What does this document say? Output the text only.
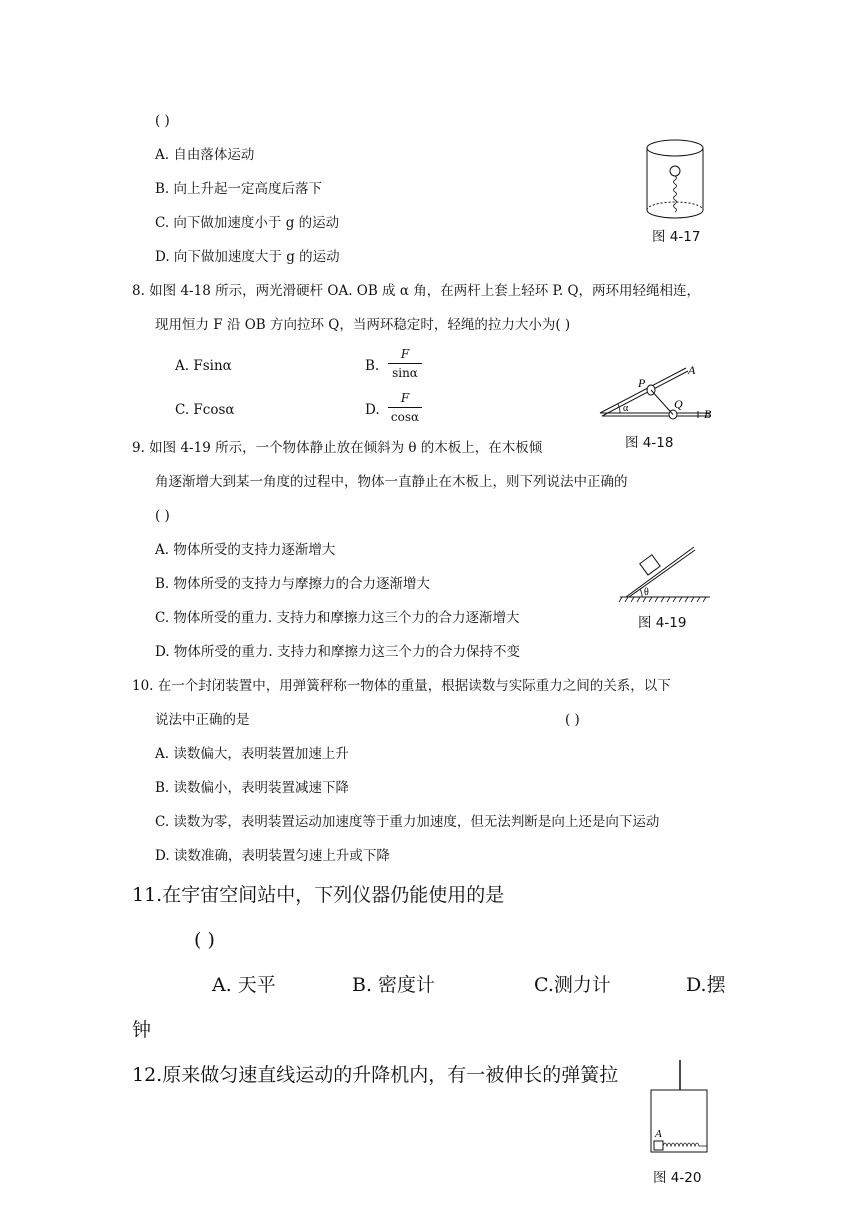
( )
A. 自由落体运动
B. 向上升起一定高度后落下
C. 向下做加速度小于 g 的运动
D. 向下做加速度大于 g 的运动
图 4-17
8. 如图 4-18 所示，两光滑硬杆 OA. OB 成 α 角，在两杆上套上轻环 P. Q，两环用轻绳相连，
现用恒力 F 沿 OB 方向拉环 Q，当两环稳定时，轻绳的拉力大小为( )
A. Fsinα	B.
F
sinα
C. Fcosα	D.
F
cosα
P
A
Q
B
α
图 4-18
9. 如图 4-19 所示，一个物体静止放在倾斜为 θ 的木板上，在木板倾
角逐渐增大到某一角度的过程中，物体一直静止在木板上，则下列说法中正确的
( )
A. 物体所受的支持力逐渐增大
B. 物体所受的支持力与摩擦力的合力逐渐增大
C. 物体所受的重力. 支持力和摩擦力这三个力的合力逐渐增大
D. 物体所受的重力. 支持力和摩擦力这三个力的合力保持不变
θ
图 4-19
10. 在一个封闭装置中，用弹簧秤称一物体的重量，根据读数与实际重力之间的关系，以下
说法中正确的是	( )
A. 读数偏大，表明装置加速上升
B. 读数偏小，表明装置减速下降
C. 读数为零，表明装置运动加速度等于重力加速度，但无法判断是向上还是向下运动
D. 读数准确，表明装置匀速上升或下降
11.在宇宙空间站中，下列仪器仍能使用的是
( )
A. 天平	B. 密度计	C.测力计	D.摆
钟
12.原来做匀速直线运动的升降机内，有一被伸长的弹簧拉
A
图 4-20
